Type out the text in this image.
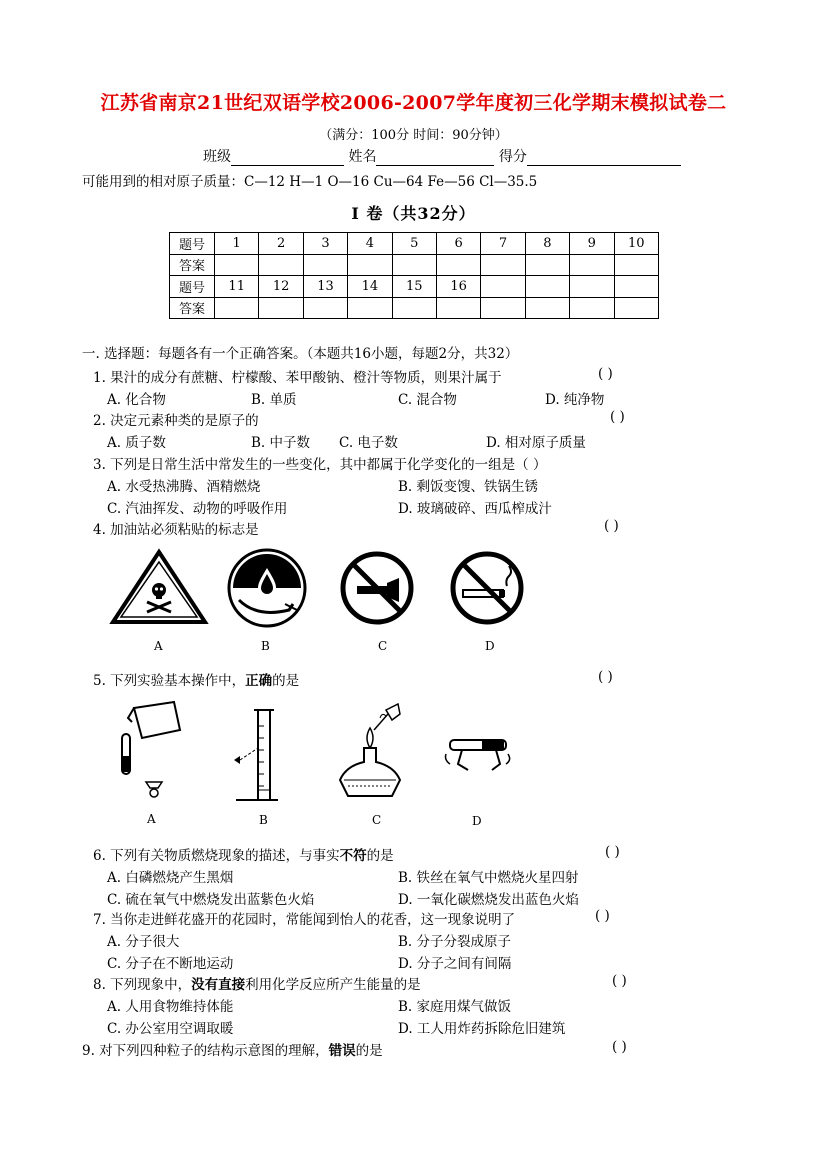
江苏省南京21世纪双语学校2006-2007学年度初三化学期末模拟试卷二
（满分：100分 时间：90分钟）
班级	姓名	得分
可能用到的相对原子质量：C—12 H—1 O—16 Cu—64 Fe—56 Cl—35.5
I 卷（共32分）
题号	1	2	3	4	5	6	7	8	9	10
答案										
题号	11	12	13	14	15	16				
答案										
一. 选择题：每题各有一个正确答案。（本题共16小题，每题2分，共32）
1. 果汁的成分有蔗糖、柠檬酸、苯甲酸钠、橙汁等物质，则果汁属于	( )
A. 化合物	B. 单质	C. 混合物	D. 纯净物
2. 决定元素种类的是原子的	( )
A. 质子数	B. 中子数 C. 电子数	D. 相对原子质量
3. 下列是日常生活中常发生的一些变化，其中都属于化学变化的一组是（ ）
A. 水受热沸腾、酒精燃烧	B. 剩饭变馊、铁锅生锈
C. 汽油挥发、动物的呼吸作用	D. 玻璃破碎、西瓜榨成汁
4. 加油站必须粘贴的标志是	( )
A	B	C	D
5. 下列实验基本操作中，正确的是	( )
A	B	C	D
6. 下列有关物质燃烧现象的描述，与事实不符的是	( )
A. 白磷燃烧产生黑烟	B. 铁丝在氧气中燃烧火星四射
C. 硫在氧气中燃烧发出蓝紫色火焰	D. 一氧化碳燃烧发出蓝色火焰
7. 当你走进鲜花盛开的花园时，常能闻到怡人的花香，这一现象说明了	( )
A. 分子很大	B. 分子分裂成原子
C. 分子在不断地运动	D. 分子之间有间隔
8. 下列现象中，没有直接利用化学反应所产生能量的是	( )
A. 人用食物维持体能	B. 家庭用煤气做饭
C. 办公室用空调取暖	D. 工人用炸药拆除危旧建筑
9. 对下列四种粒子的结构示意图的理解，错误的是	( )
